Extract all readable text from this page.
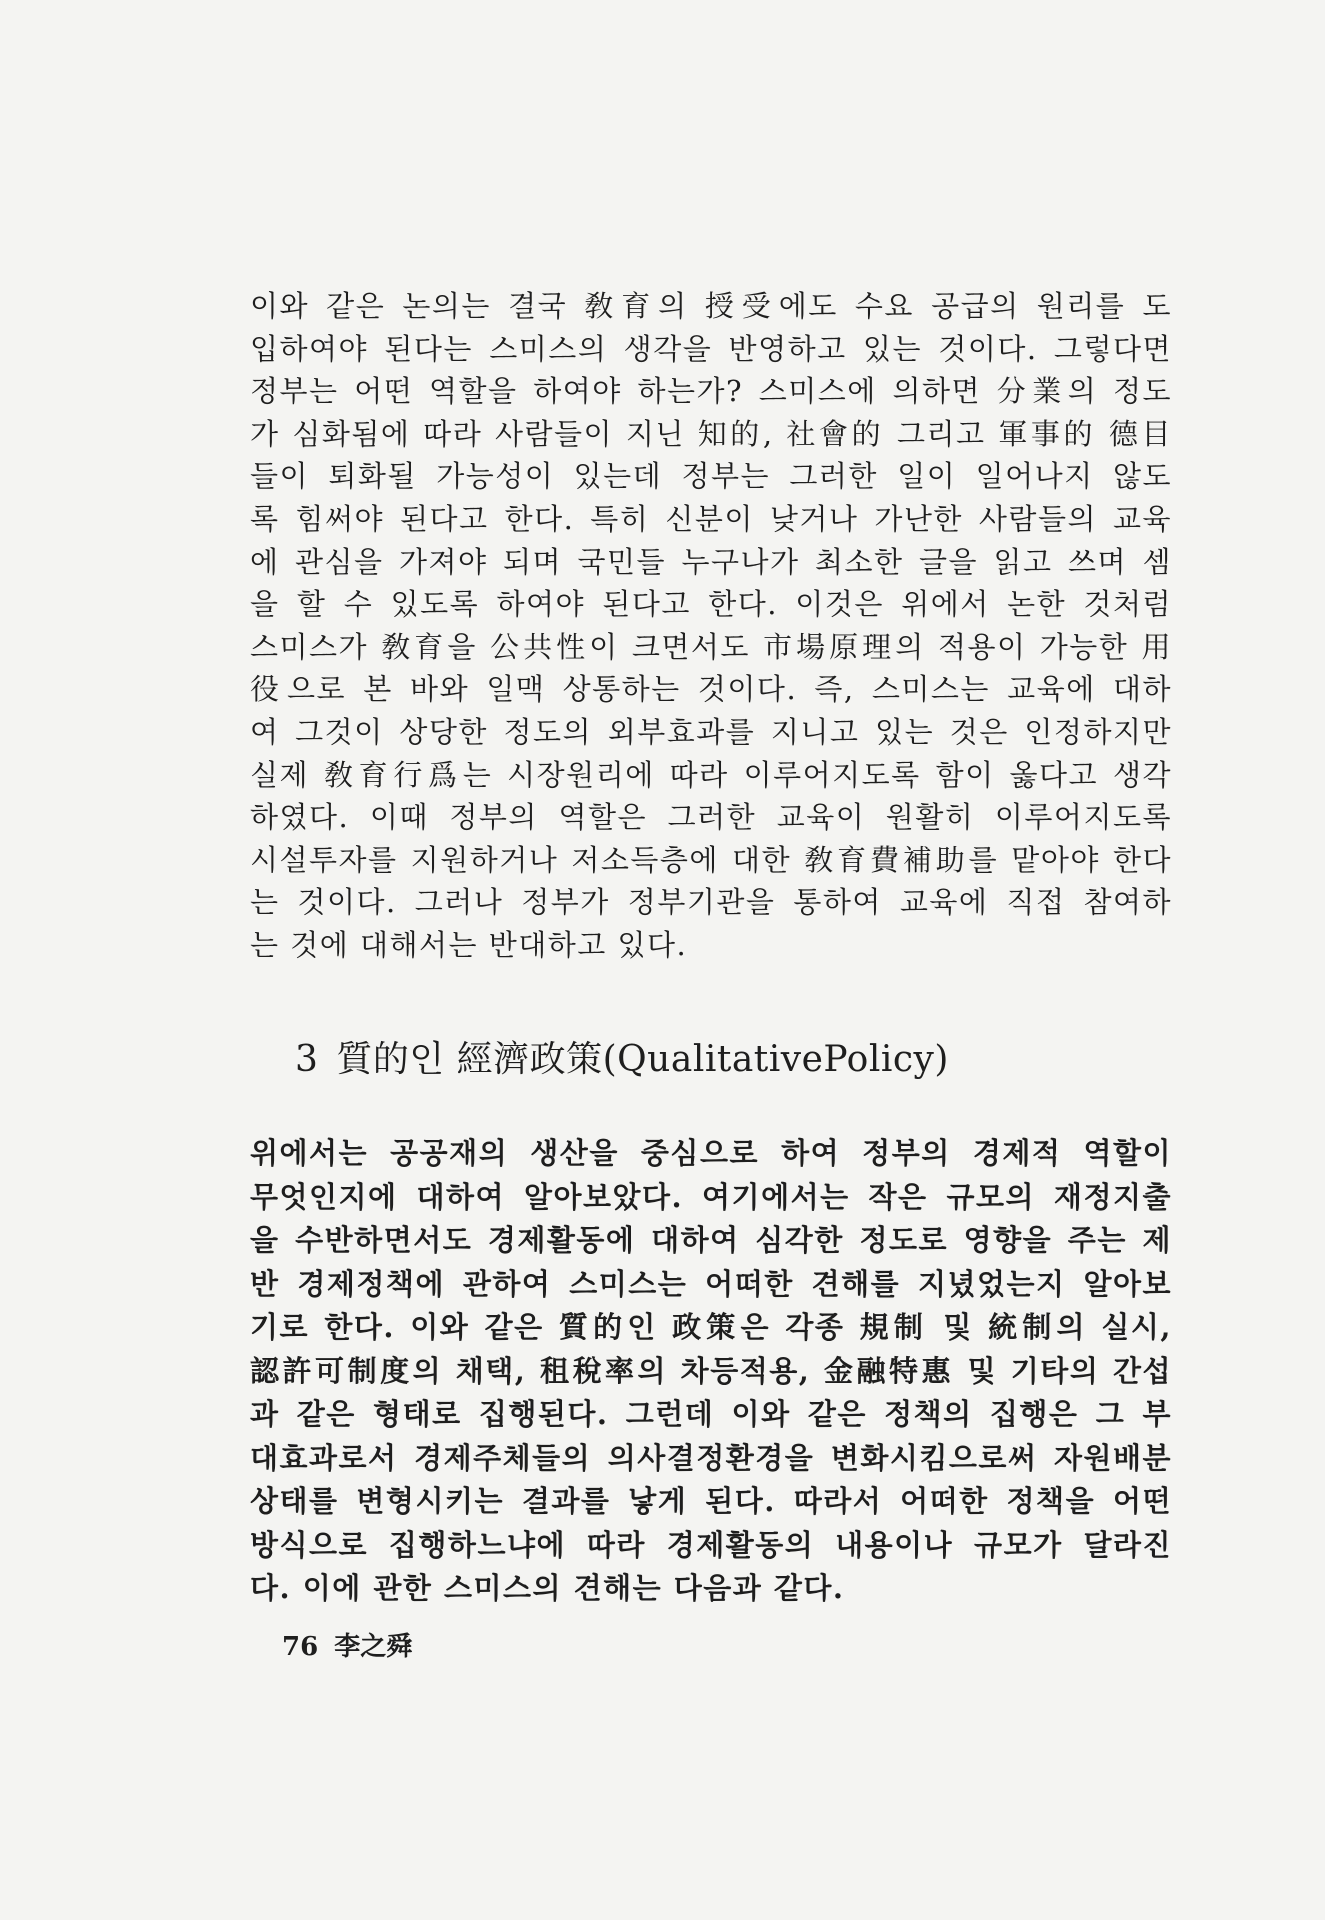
이와 같은 논의는 결국 敎育의 授受에도 수요 공급의 원리를 도
입하여야 된다는 스미스의 생각을 반영하고 있는 것이다. 그렇다면
정부는 어떤 역할을 하여야 하는가? 스미스에 의하면 分業의 정도
가 심화됨에 따라 사람들이 지닌 知的, 社會的 그리고 軍事的 德目
들이 퇴화될 가능성이 있는데 정부는 그러한 일이 일어나지 않도
록 힘써야 된다고 한다. 특히 신분이 낮거나 가난한 사람들의 교육
에 관심을 가져야 되며 국민들 누구나가 최소한 글을 읽고 쓰며 셈
을 할 수 있도록 하여야 된다고 한다. 이것은 위에서 논한 것처럼
스미스가 敎育을 公共性이 크면서도 市場原理의 적용이 가능한 用
役으로 본 바와 일맥 상통하는 것이다. 즉, 스미스는 교육에 대하
여 그것이 상당한 정도의 외부효과를 지니고 있는 것은 인정하지만
실제 敎育行爲는 시장원리에 따라 이루어지도록 함이 옳다고 생각
하였다. 이때 정부의 역할은 그러한 교육이 원활히 이루어지도록
시설투자를 지원하거나 저소득층에 대한 敎育費補助를 맡아야 한다
는 것이다. 그러나 정부가 정부기관을 통하여 교육에 직접 참여하
는 것에 대해서는 반대하고 있다.

3 質的인 經濟政策(QualitativePolicy)

위에서는 공공재의 생산을 중심으로 하여 정부의 경제적 역할이
무엇인지에 대하여 알아보았다. 여기에서는 작은 규모의 재정지출
을 수반하면서도 경제활동에 대하여 심각한 정도로 영향을 주는 제
반 경제정책에 관하여 스미스는 어떠한 견해를 지녔었는지 알아보
기로 한다. 이와 같은 質的인 政策은 각종 規制 및 統制의 실시,
認許可制度의 채택, 租稅率의 차등적용, 金融特惠 및 기타의 간섭
과 같은 형태로 집행된다. 그런데 이와 같은 정책의 집행은 그 부
대효과로서 경제주체들의 의사결정환경을 변화시킴으로써 자원배분
상태를 변형시키는 결과를 낳게 된다. 따라서 어떠한 정책을 어떤
방식으로 집행하느냐에 따라 경제활동의 내용이나 규모가 달라진
다. 이에 관한 스미스의 견해는 다음과 같다.

76 李之舜
